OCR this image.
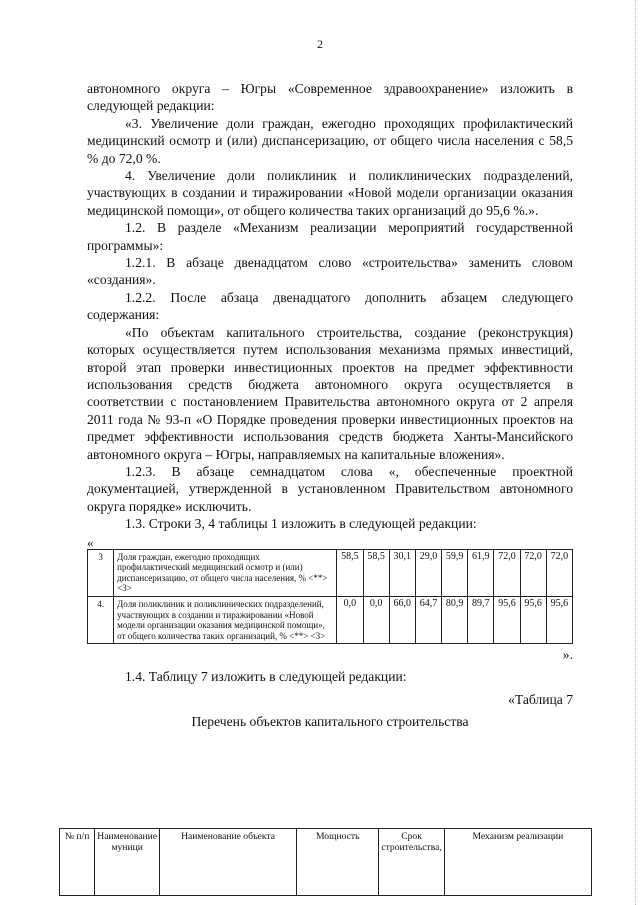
2

автономного округа – Югры «Современное здравоохранение» изложить в следующей редакции:

«3. Увеличение доли граждан, ежегодно проходящих профилактический медицинский осмотр и (или) диспансеризацию, от общего числа населения с 58,5 % до 72,0 %.

4. Увеличение доли поликлиник и поликлинических подразделений, участвующих в создании и тиражировании «Новой модели организации оказания медицинской помощи», от общего количества таких организаций до 95,6 %.».

1.2. В разделе «Механизм реализации мероприятий государственной программы»:

1.2.1. В абзаце двенадцатом слово «строительства» заменить словом «создания».

1.2.2. После абзаца двенадцатого дополнить абзацем следующего содержания:

«По объектам капитального строительства, создание (реконструкция) которых осуществляется путем использования механизма прямых инвестиций, второй этап проверки инвестиционных проектов на предмет эффективности использования средств бюджета автономного округа осуществляется в соответствии с постановлением Правительства автономного округа от 2 апреля 2011 года № 93-п «О Порядке проведения проверки инвестиционных проектов на предмет эффективности использования средств бюджета Ханты-Мансийского автономного округа – Югры, направляемых на капитальные вложения».

1.2.3. В абзаце семнадцатом слова «, обеспеченные проектной документацией, утвержденной в установленном Правительством автономного округа порядке» исключить.

1.3. Строки 3, 4 таблицы 1 изложить в следующей редакции:

«

3	Доля граждан, ежегодно проходящих профилактический медицинский осмотр и (или) диспансеризацию, от общего числа населения, % <**> <3>	58,5	58,5	30,1	29,0	59,9	61,9	72,0	72,0	72,0
4.	Доля поликлиник и поликлинических подразделений, участвующих в создании и тиражировании «Новой модели организации оказания медицинской помощи», от общего количества таких организаций, % <**> <3>	0,0	0,0	66,0	64,7	80,9	89,7	95,6	95,6	95,6

».

1.4. Таблицу 7 изложить в следующей редакции:

«Таблица 7

Перечень объектов капитального строительства

№ п/п	Наименование муници	Наименование объекта	Мощность	Срок строительства,	Механизм реализации
